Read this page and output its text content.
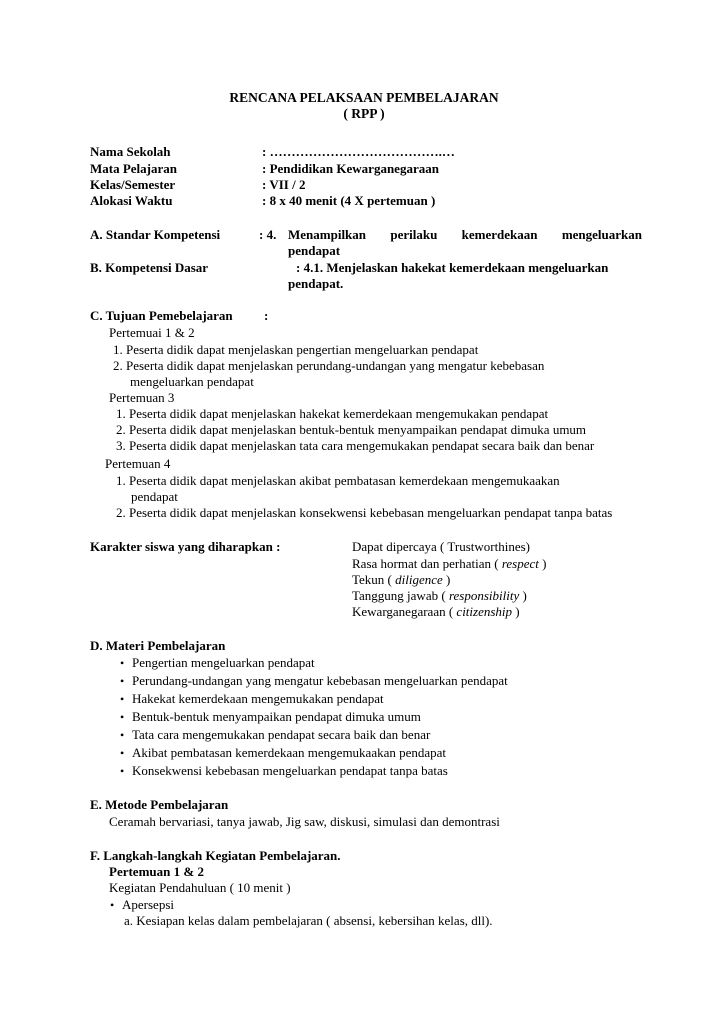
RENCANA PELAKSAAN PEMBELAJARAN
( RPP )
Nama Sekolah	: ………………………………….…
Mata Pelajaran	: Pendidikan Kewarganegaraan
Kelas/Semester	: VII / 2
Alokasi Waktu	: 8 x 40 menit (4 X pertemuan )
A. Standar Kompetensi	: 4. Menampilkan perilaku kemerdekaan mengeluarkan
pendapat
B. Kompetensi Dasar	: 4.1. Menjelaskan hakekat kemerdekaan mengeluarkan
pendapat.
C. Tujuan Pemebelajaran :
Pertemuai 1 & 2
1. Peserta didik dapat menjelaskan pengertian mengeluarkan pendapat
2. Peserta didik dapat menjelaskan perundang-undangan yang mengatur kebebasan
mengeluarkan pendapat
Pertemuan 3
1. Peserta didik dapat menjelaskan hakekat kemerdekaan mengemukakan pendapat
2. Peserta didik dapat menjelaskan bentuk-bentuk menyampaikan pendapat dimuka umum
3. Peserta didik dapat menjelaskan tata cara mengemukakan pendapat secara baik dan benar
Pertemuan 4
1. Peserta didik dapat menjelaskan akibat pembatasan kemerdekaan mengemukaakan
pendapat
2. Peserta didik dapat menjelaskan konsekwensi kebebasan mengeluarkan pendapat tanpa batas
Karakter siswa yang diharapkan :	Dapat dipercaya ( Trustworthines)
Rasa hormat dan perhatian ( respect )
Tekun ( diligence )
Tanggung jawab ( responsibility )
Kewarganegaraan ( citizenship )
D. Materi Pembelajaran
• Pengertian mengeluarkan pendapat
• Perundang-undangan yang mengatur kebebasan mengeluarkan pendapat
• Hakekat kemerdekaan mengemukakan pendapat
• Bentuk-bentuk menyampaikan pendapat dimuka umum
• Tata cara mengemukakan pendapat secara baik dan benar
• Akibat pembatasan kemerdekaan mengemukaakan pendapat
• Konsekwensi kebebasan mengeluarkan pendapat tanpa batas
E. Metode Pembelajaran
Ceramah bervariasi, tanya jawab, Jig saw, diskusi, simulasi dan demontrasi
F. Langkah-langkah Kegiatan Pembelajaran.
Pertemuan 1 & 2
Kegiatan Pendahuluan ( 10 menit )
• Apersepsi
a. Kesiapan kelas dalam pembelajaran ( absensi, kebersihan kelas, dll).
